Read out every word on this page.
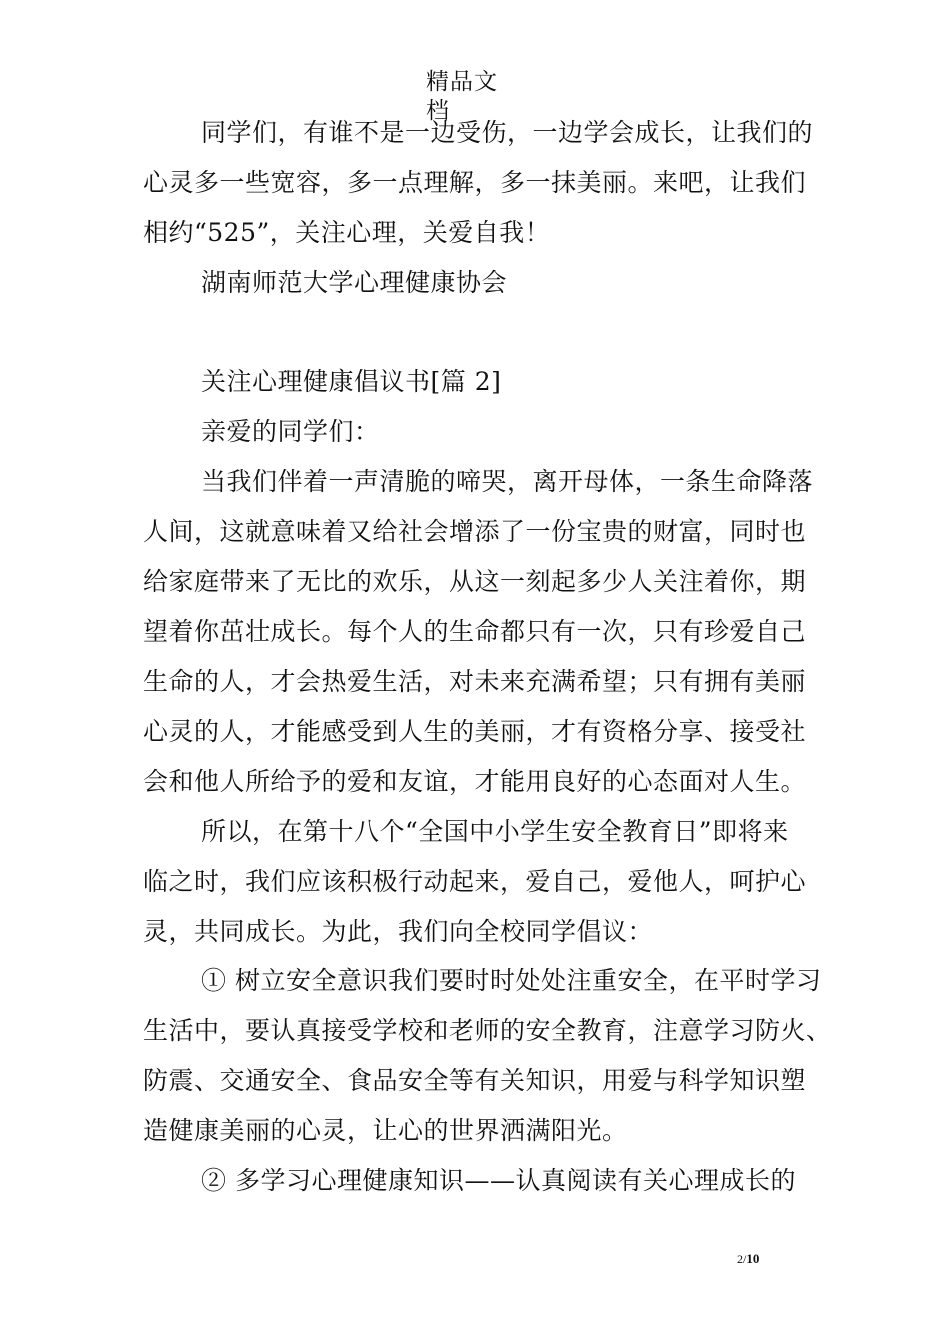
精品文
档
同学们，有谁不是一边受伤，一边学会成长，让我们的
心灵多一些宽容，多一点理解，多一抹美丽。来吧，让我们
相约“525”，关注心理，关爱自我！
湖南师范大学心理健康协会
关注心理健康倡议书[篇 2]
亲爱的同学们：
当我们伴着一声清脆的啼哭，离开母体，一条生命降落
人间，这就意味着又给社会增添了一份宝贵的财富，同时也
给家庭带来了无比的欢乐，从这一刻起多少人关注着你，期
望着你茁壮成长。每个人的生命都只有一次，只有珍爱自己
生命的人，才会热爱生活，对未来充满希望；只有拥有美丽
心灵的人，才能感受到人生的美丽，才有资格分享、接受社
会和他人所给予的爱和友谊，才能用良好的心态面对人生。
所以，在第十八个“全国中小学生安全教育日”即将来
临之时，我们应该积极行动起来，爱自己，爱他人，呵护心
灵，共同成长。为此，我们向全校同学倡议：
① 树立安全意识我们要时时处处注重安全，在平时学习
生活中，要认真接受学校和老师的安全教育，注意学习防火、
防震、交通安全、食品安全等有关知识，用爱与科学知识塑
造健康美丽的心灵，让心的世界洒满阳光。
② 多学习心理健康知识——认真阅读有关心理成长的
2/10
